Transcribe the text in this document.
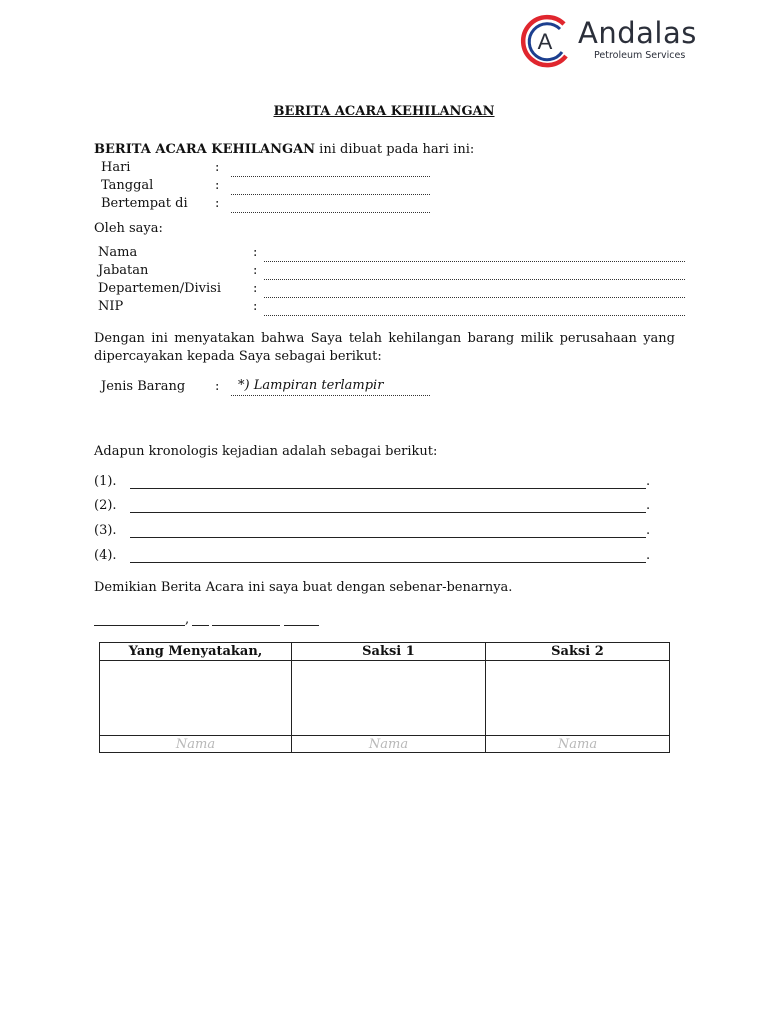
A Andalas
Petroleum Services
BERITA ACARA KEHILANGAN
BERITA ACARA KEHILANGAN ini dibuat pada hari ini:
Hari	:
Tanggal	:
Bertempat di :
Oleh saya:
Nama	:
Jabatan	:
Departemen/Divisi :
NIP	:
Dengan ini menyatakan bahwa Saya telah kehilangan barang milik perusahaan yang dipercayakan kepada Saya sebagai berikut:
Jenis Barang : *) Lampiran terlampir
Adapun kronologis kejadian adalah sebagai berikut:
(1).	.
(2).	.
(3).	.
(4).	.
Demikian Berita Acara ini saya buat dengan sebenar-benarnya.
,
Yang Menyatakan,	Saksi 1	Saksi 2

Nama	Nama	Nama
